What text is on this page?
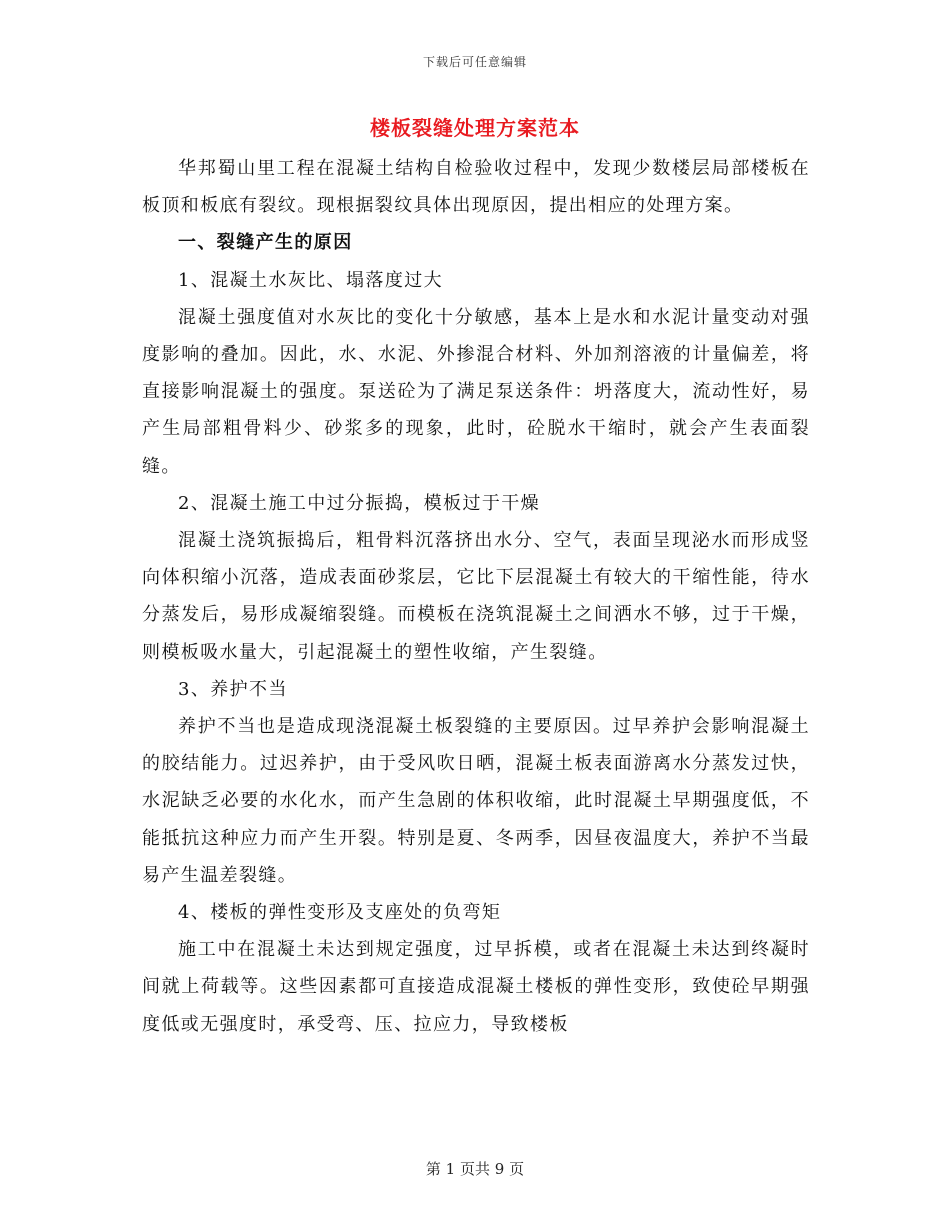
下载后可任意编辑
楼板裂缝处理方案范本

华邦蜀山里工程在混凝土结构自检验收过程中，发现少数楼层局部楼板在板顶和板底有裂纹。现根据裂纹具体出现原因，提出相应的处理方案。

一、裂缝产生的原因

1、混凝土水灰比、塌落度过大

混凝土强度值对水灰比的变化十分敏感，基本上是水和水泥计量变动对强度影响的叠加。因此，水、水泥、外掺混合材料、外加剂溶液的计量偏差，将直接影响混凝土的强度。泵送砼为了满足泵送条件：坍落度大，流动性好，易产生局部粗骨料少、砂浆多的现象，此时，砼脱水干缩时，就会产生表面裂缝。

2、混凝土施工中过分振捣，模板过于干燥

混凝土浇筑振捣后，粗骨料沉落挤出水分、空气，表面呈现泌水而形成竖向体积缩小沉落，造成表面砂浆层，它比下层混凝土有较大的干缩性能，待水分蒸发后，易形成凝缩裂缝。而模板在浇筑混凝土之间洒水不够，过于干燥，则模板吸水量大，引起混凝土的塑性收缩，产生裂缝。

3、养护不当

养护不当也是造成现浇混凝土板裂缝的主要原因。过早养护会影响混凝土的胶结能力。过迟养护，由于受风吹日晒，混凝土板表面游离水分蒸发过快，水泥缺乏必要的水化水，而产生急剧的体积收缩，此时混凝土早期强度低，不能抵抗这种应力而产生开裂。特别是夏、冬两季，因昼夜温度大，养护不当最易产生温差裂缝。

4、楼板的弹性变形及支座处的负弯矩

施工中在混凝土未达到规定强度，过早拆模，或者在混凝土未达到终凝时间就上荷载等。这些因素都可直接造成混凝土楼板的弹性变形，致使砼早期强度低或无强度时，承受弯、压、拉应力，导致楼板

第 1 页共 9 页
